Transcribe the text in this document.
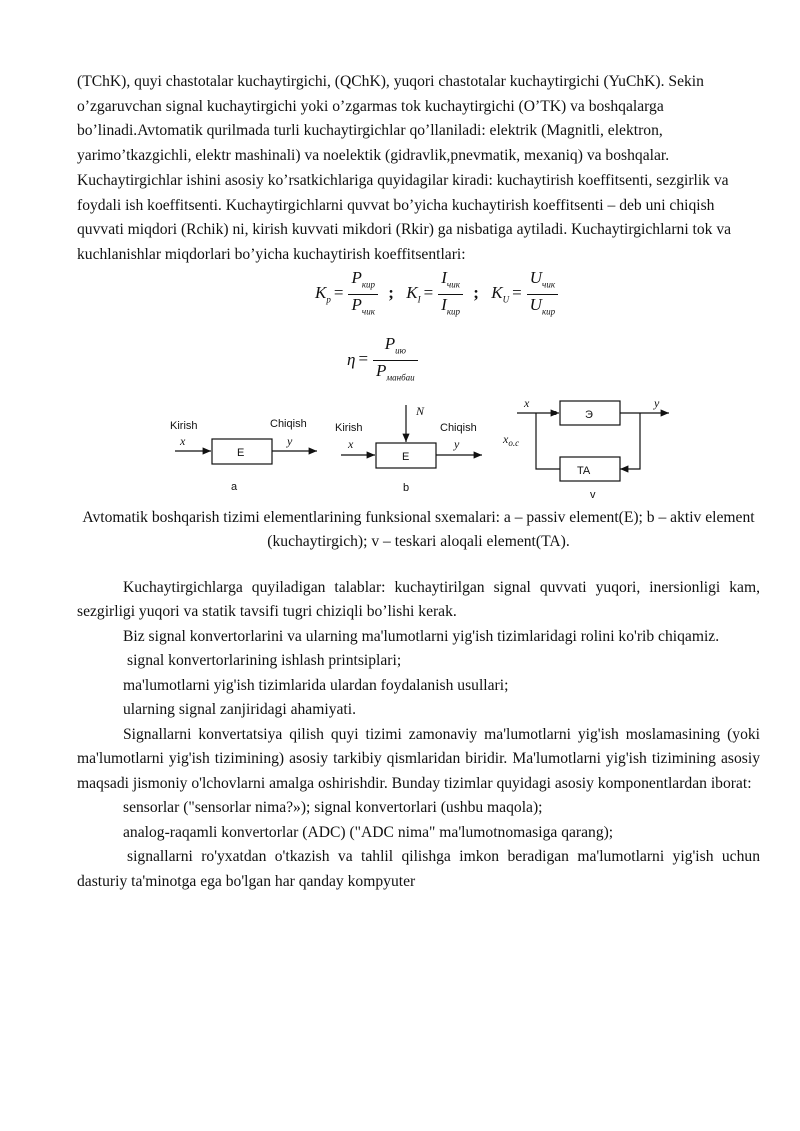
(TChK), quyi chastotalar kuchaytirgichi, (QChK), yuqori chastotalar kuchaytirgichi (YuChK). Sekin o’zgaruvchan signal kuchaytirgichi yoki o’zgarmas tok kuchaytirgichi (O’TK) va boshqalarga bo’linadi.Avtomatik qurilmada turli kuchaytirgichlar qo’llaniladi: elektrik (Magnitli, elektron, yarimo’tkazgichli, elektr mashinali) va noelektik (gidravlik,pnevmatik, mexaniq) va boshqalar. Kuchaytirgichlar ishini asosiy ko’rsatkichlariga quyidagilar kiradi: kuchaytirish koeffitsenti, sezgirlik va foydali ish koeffitsenti. Kuchaytirgichlarni quvvat bo’yicha kuchaytirish koeffitsenti – deb uni chiqish quvvati miqdori (Rchik) ni, kirish kuvvati mikdori (Rkir) ga nisbatiga aytiladi. Kuchaytirgichlarni tok va kuchlanishlar miqdorlari bo’yicha kuchaytirish koeffitsentlari:

$K_p = \frac{P_{кир}}{P_{чик}}$ ; $K_I = \frac{I_{чик}}{I_{кир}}$ ; $K_U = \frac{U_{чик}}{U_{кир}}$
$\eta = \frac{P_{ию}}{P_{манбаи}}$
Kirish
x
E
Chiqish
y
a
Kirish
x
E
N
Chiqish
y
b
x
Э
y
TA
$x_{o.c}$
v

Avtomatik boshqarish tizimi elementlarining funksional sxemalari: a – passiv element(E); b – aktiv element (kuchaytirgich); v – teskari aloqali element(TA).

Kuchaytirgichlarga quyiladigan talablar: kuchaytirilgan signal quvvati yuqori, inersionligi kam, sezgirligi yuqori va statik tavsifi tugri chiziqli bo’lishi kerak.

Biz signal konvertorlarini va ularning ma'lumotlarni yig'ish tizimlaridagi rolini ko'rib chiqamiz.

signal konvertorlarining ishlash printsiplari;

ma'lumotlarni yig'ish tizimlarida ulardan foydalanish usullari;

ularning signal zanjiridagi ahamiyati.

Signallarni konvertatsiya qilish quyi tizimi zamonaviy ma'lumotlarni yig'ish moslamasining (yoki ma'lumotlarni yig'ish tizimining) asosiy tarkibiy qismlaridan biridir. Ma'lumotlarni yig'ish tizimining asosiy maqsadi jismoniy o'lchovlarni amalga oshirishdir. Bunday tizimlar quyidagi asosiy komponentlardan iborat:

sensorlar ("sensorlar nima?»); signal konvertorlari (ushbu maqola);

analog-raqamli konvertorlar (ADC) ("ADC nima" ma'lumotnomasiga qarang);

signallarni ro'yxatdan o'tkazish va tahlil qilishga imkon beradigan ma'lumotlarni yig'ish uchun dasturiy ta'minotga ega bo'lgan har qanday kompyuter
